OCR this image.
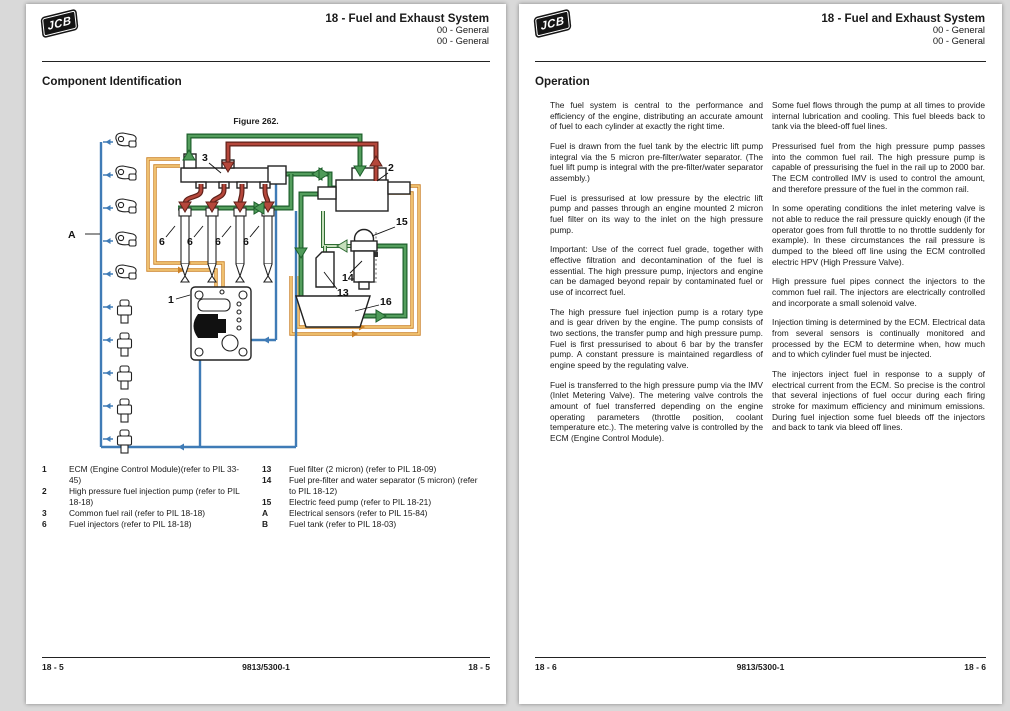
JCB	18 - Fuel and Exhaust System
00 - General
00 - General
Component Identification
Figure 262.
A
3
2
6 6 6 6
1
15
14
13
16
1	ECM (Engine Control Module)(refer to PIL 33-45)
2	High pressure fuel injection pump (refer to PIL 18-18)
3	Common fuel rail (refer to PIL 18-18)
6	Fuel injectors (refer to PIL 18-18)
13	Fuel filter (2 micron) (refer to PIL 18-09)
14	Fuel pre-filter and water separator (5 micron) (refer to PIL 18-12)
15	Electric feed pump (refer to PIL 18-21)
A	Electrical sensors (refer to PIL 15-84)
B	Fuel tank (refer to PIL 18-03)
18 - 5	9813/5300-1	18 - 5
JCB	18 - Fuel and Exhaust System
00 - General
00 - General
Operation

The fuel system is central to the performance and efficiency of the engine, distributing an accurate amount of fuel to each cylinder at exactly the right time.

Fuel is drawn from the fuel tank by the electric lift pump integral via the 5 micron pre-filter/water separator. (The fuel lift pump is integral with the pre-filter/water separator assembly.)

Fuel is pressurised at low pressure by the electric lift pump and passes through an engine mounted 2 micron fuel filter on its way to the inlet on the high pressure pump.

Important: Use of the correct fuel grade, together with effective filtration and decontamination of the fuel is essential. The high pressure pump, injectors and engine can be damaged beyond repair by contaminated fuel or use of incorrect fuel.

The high pressure fuel injection pump is a rotary type and is gear driven by the engine. The pump consists of two sections, the transfer pump and high pressure pump. Fuel is first pressurised to about 6 bar by the transfer pump. A constant pressure is maintained regardless of engine speed by the regulating valve.

Fuel is transferred to the high pressure pump via the IMV (Inlet Metering Valve). The metering valve controls the amount of fuel transferred depending on the engine operating parameters (throttle position, coolant temperature etc.). The metering valve is controlled by the ECM (Engine Control Module).

Some fuel flows through the pump at all times to provide internal lubrication and cooling. This fuel bleeds back to tank via the bleed-off fuel lines.

Pressurised fuel from the high pressure pump passes into the common fuel rail. The high pressure pump is capable of pressurising the fuel in the rail up to 2000 bar. The ECM controlled IMV is used to control the amount, and therefore pressure of the fuel in the common rail.

In some operating conditions the inlet metering valve is not able to reduce the rail pressure quickly enough (if the operator goes from full throttle to no throttle suddenly for example). In these circumstances the rail pressure is dumped to the bleed off line using the ECM controlled electric HPV (High Pressure Valve).

High pressure fuel pipes connect the injectors to the common fuel rail. The injectors are electrically controlled and incorporate a small solenoid valve.

Injection timing is determined by the ECM. Electrical data from several sensors is continually monitored and processed by the ECM to determine when, how much and to which cylinder fuel must be injected.

The injectors inject fuel in response to a supply of electrical current from the ECM. So precise is the control that several injections of fuel occur during each firing stroke for maximum efficiency and minimum emissions. During fuel injection some fuel bleeds off the injectors and back to tank via bleed off lines.

18 - 6	9813/5300-1	18 - 6
